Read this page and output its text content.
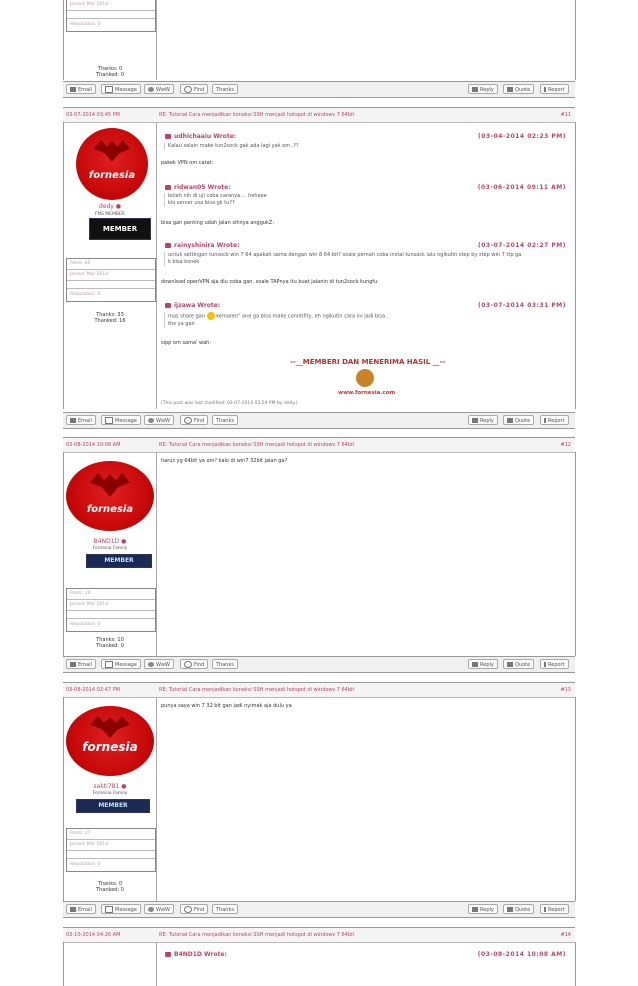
Joined: Mar 2014
Reputation: 0
Thanks: 0
Thanked: 0
Email	Message	WwW	Find	Thanks	Reply	Quote	Report
03-07-2014 03:45 PM	RE: Tutorial Cara menjadikan koneksi SSH menjadi hotspot di windows 7 64bit	#11
fornesia
dedy ●
FNS MEMBER
MEMBER
Posts: 85
Joined: Mar 2014
Reputation: 0
Thanks: 33
Thanked: 16
udhichaaiu Wrote:	(03-04-2014 02:23 PM)
Kalau selain make tun2sock gak ada lagi yak om ,??
pakek VPN om catat:
ridwan05 Wrote:	(03-06-2014 09:11 AM)
boleh nih di uji coba caranya.... heheee
klo server usa bisa gk tu??
bisa gan penting udah jalan sihnya anggukZ:
rainyshinira Wrote:	(03-07-2014 02:27 PM)
untuk settingan tunsock win 7 64 apakah sama dengan win 8 64 bit? soale pernah coba instal tunsock lalu ngikutin step by step win 7 ttp ga
k bisa konek
download openVPN aja dlu coba gan. soale TAPnya itu buat jalanin di tun2sock kungfu:
ijzawa Wrote:	(03-07-2014 03:31 PM)
mas share gan kemaren" ane ga bisa make conntifity, eh ngikutin cara ini jadi bisa..
thx ya gan
sipp om sama' wah:
--__MEMBERI DAN MENERIMA HASIL __--
www.fornesia.com
(This post was last modified: 03-07-2014 03:54 PM by dedy.)
Email	Message	WwW	Find	Thanks	Reply	Quote	Report
03-08-2014 10:08 AM	RE: Tutorial Cara menjadikan koneksi SSH menjadi hotspot di windows 7 64bit	#12
fornesia
B4ND1D ●
Fornesia Family
MEMBER
Posts: 10
Joined: Mar 2014
Reputation: 0
Thanks: 10
Thanked: 0
harus yg 64bit ya om? kalo di win7 32bit jalan ga?
Email	Message	WwW	Find	Thanks	Reply	Quote	Report
03-08-2014 02:47 PM	RE: Tutorial Cara menjadikan koneksi SSH menjadi hotspot di windows 7 64bit	#13
fornesia
sakti781 ●
Fornesia Family
MEMBER
Posts: 17
Joined: Mar 2014
Reputation: 0
Thanks: 0
Thanked: 0
punya saya win 7 32 bit gan jadi nyimak aja dulu ya
Email	Message	WwW	Find	Thanks	Reply	Quote	Report
03-10-2014 04:26 AM	RE: Tutorial Cara menjadikan koneksi SSH menjadi hotspot di windows 7 64bit	#14
B4ND1D Wrote:	(03-08-2014 10:08 AM)
